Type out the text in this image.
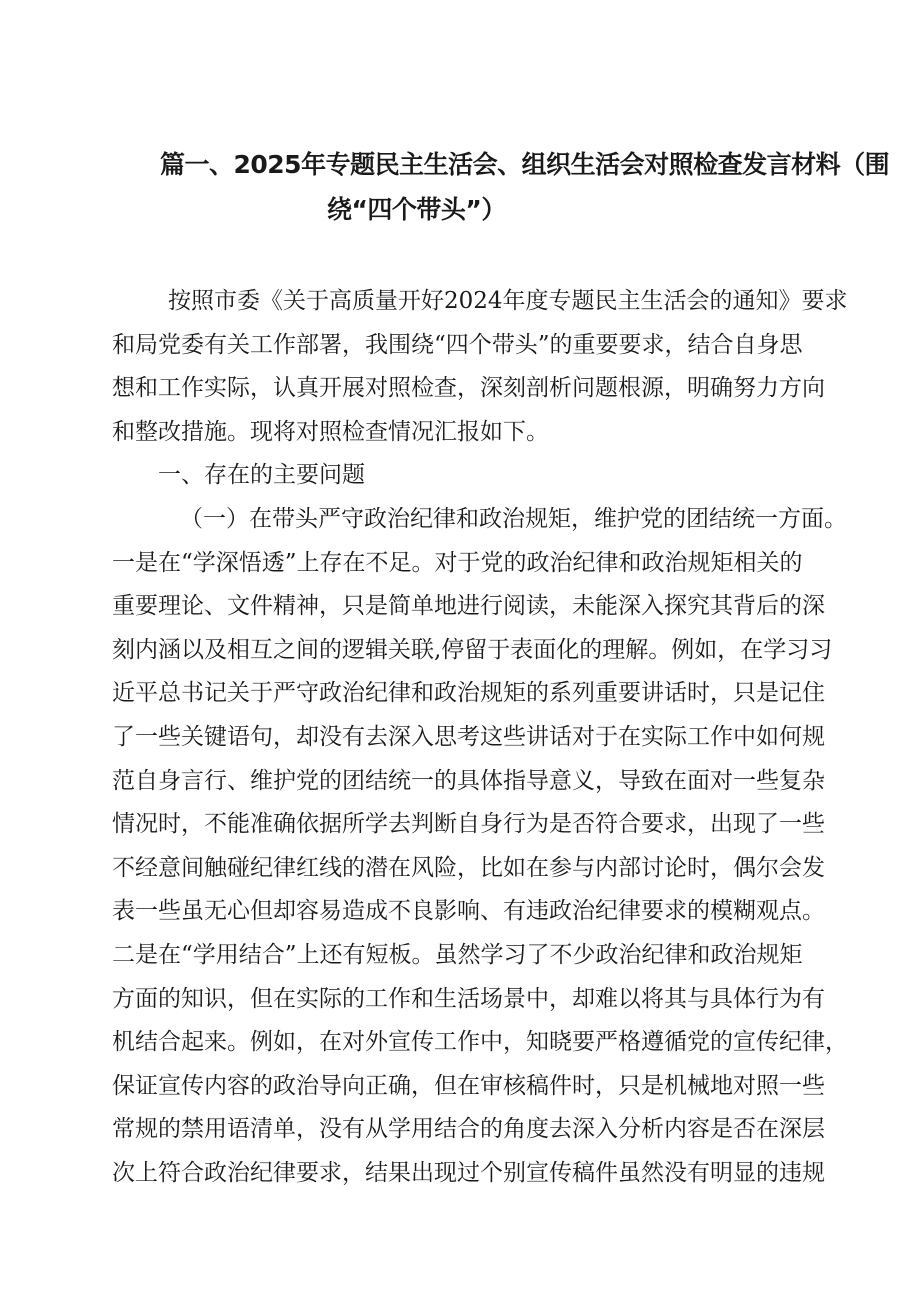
篇一、2025年专题民主生活会、组织生活会对照检查发言材料（围
绕“四个带头”）
按照市委《关于高质量开好2024年度专题民主生活会的通知》要求
和局党委有关工作部署，我围绕“四个带头”的重要要求，结合自身思
想和工作实际，认真开展对照检查，深刻剖析问题根源，明确努力方向
和整改措施。现将对照检查情况汇报如下。
一、存在的主要问题
（一）在带头严守政治纪律和政治规矩，维护党的团结统一方面。
一是在“学深悟透”上存在不足。对于党的政治纪律和政治规矩相关的
重要理论、文件精神，只是简单地进行阅读，未能深入探究其背后的深
刻内涵以及相互之间的逻辑关联,停留于表面化的理解。例如，在学习习
近平总书记关于严守政治纪律和政治规矩的系列重要讲话时，只是记住
了一些关键语句，却没有去深入思考这些讲话对于在实际工作中如何规
范自身言行、维护党的团结统一的具体指导意义，导致在面对一些复杂
情况时，不能准确依据所学去判断自身行为是否符合要求，出现了一些
不经意间触碰纪律红线的潜在风险，比如在参与内部讨论时，偶尔会发
表一些虽无心但却容易造成不良影响、有违政治纪律要求的模糊观点。
二是在“学用结合”上还有短板。虽然学习了不少政治纪律和政治规矩
方面的知识，但在实际的工作和生活场景中，却难以将其与具体行为有
机结合起来。例如，在对外宣传工作中，知晓要严格遵循党的宣传纪律，
保证宣传内容的政治导向正确，但在审核稿件时，只是机械地对照一些
常规的禁用语清单，没有从学用结合的角度去深入分析内容是否在深层
次上符合政治纪律要求，结果出现过个别宣传稿件虽然没有明显的违规
